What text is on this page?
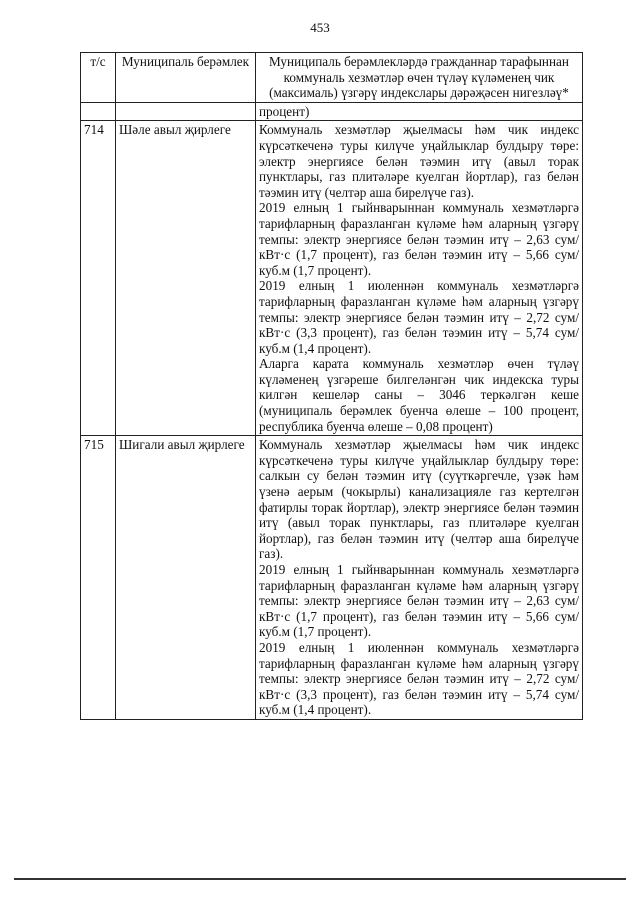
453
т/с	Муниципаль берәмлек	Муниципаль берәмлекләрдә гражданнар тарафыннан коммуналь хезмәтләр өчен түләү күләменең чик (максималь) үзгәрү индекслары дәрәҗәсен нигезләү*
		процент)
714	Шәле авыл җирлеге	Коммуналь хезмәтләр җыелмасы һәм чик индекс күрсәткеченә туры килүче уңайлыклар булдыру төре: электр энергиясе белән тәэмин итү (авыл торак пунктлары, газ плитәләре куелган йортлар), газ белән тәэмин итү (челтәр аша бирелүче газ).

2019 елның 1 гыйнварыннан коммуналь хезмәтләргә тарифларның фаразланган күләме һәм аларның үзгәрү темпы: электр энергиясе белән тәэмин итү – 2,63 сум/кВт·с (1,7 процент), газ белән тәэмин итү – 5,66 сум/куб.м (1,7 процент).

2019 елның 1 июленнән коммуналь хезмәтләргә тарифларның фаразланган күләме һәм аларның үзгәрү темпы: электр энергиясе белән тәэмин итү – 2,72 сум/кВт·с (3,3 процент), газ белән тәэмин итү – 5,74 сум/куб.м (1,4 процент).

Аларга карата коммуналь хезмәтләр өчен түләү күләменең үзгәреше билгеләнгән чик индекска туры килгән кешеләр саны – 3046 теркәлгән кеше (муниципаль берәмлек буенча өлеше – 100 процент, республика буенча өлеше – 0,08 процент)

715	Шигали авыл җирлеге	Коммуналь хезмәтләр җыелмасы һәм чик индекс күрсәткеченә туры килүче уңайлыклар булдыру төре: салкын су белән тәэмин итү (суүткәргечле, үзәк һәм үзенә аерым (чокырлы) канализацияле газ кертелгән фатирлы торак йортлар), электр энергиясе белән тәэмин итү (авыл торак пунктлары, газ плитәләре куелган йортлар), газ белән тәэмин итү (челтәр аша бирелүче газ).

2019 елның 1 гыйнварыннан коммуналь хезмәтләргә тарифларның фаразланган күләме һәм аларның үзгәрү темпы: электр энергиясе белән тәэмин итү – 2,63 сум/кВт·с (1,7 процент), газ белән тәэмин итү – 5,66 сум/куб.м (1,7 процент).

2019 елның 1 июленнән коммуналь хезмәтләргә тарифларның фаразланган күләме һәм аларның үзгәрү темпы: электр энергиясе белән тәэмин итү – 2,72 сум/кВт·с (3,3 процент), газ белән тәэмин итү – 5,74 сум/куб.м (1,4 процент).
